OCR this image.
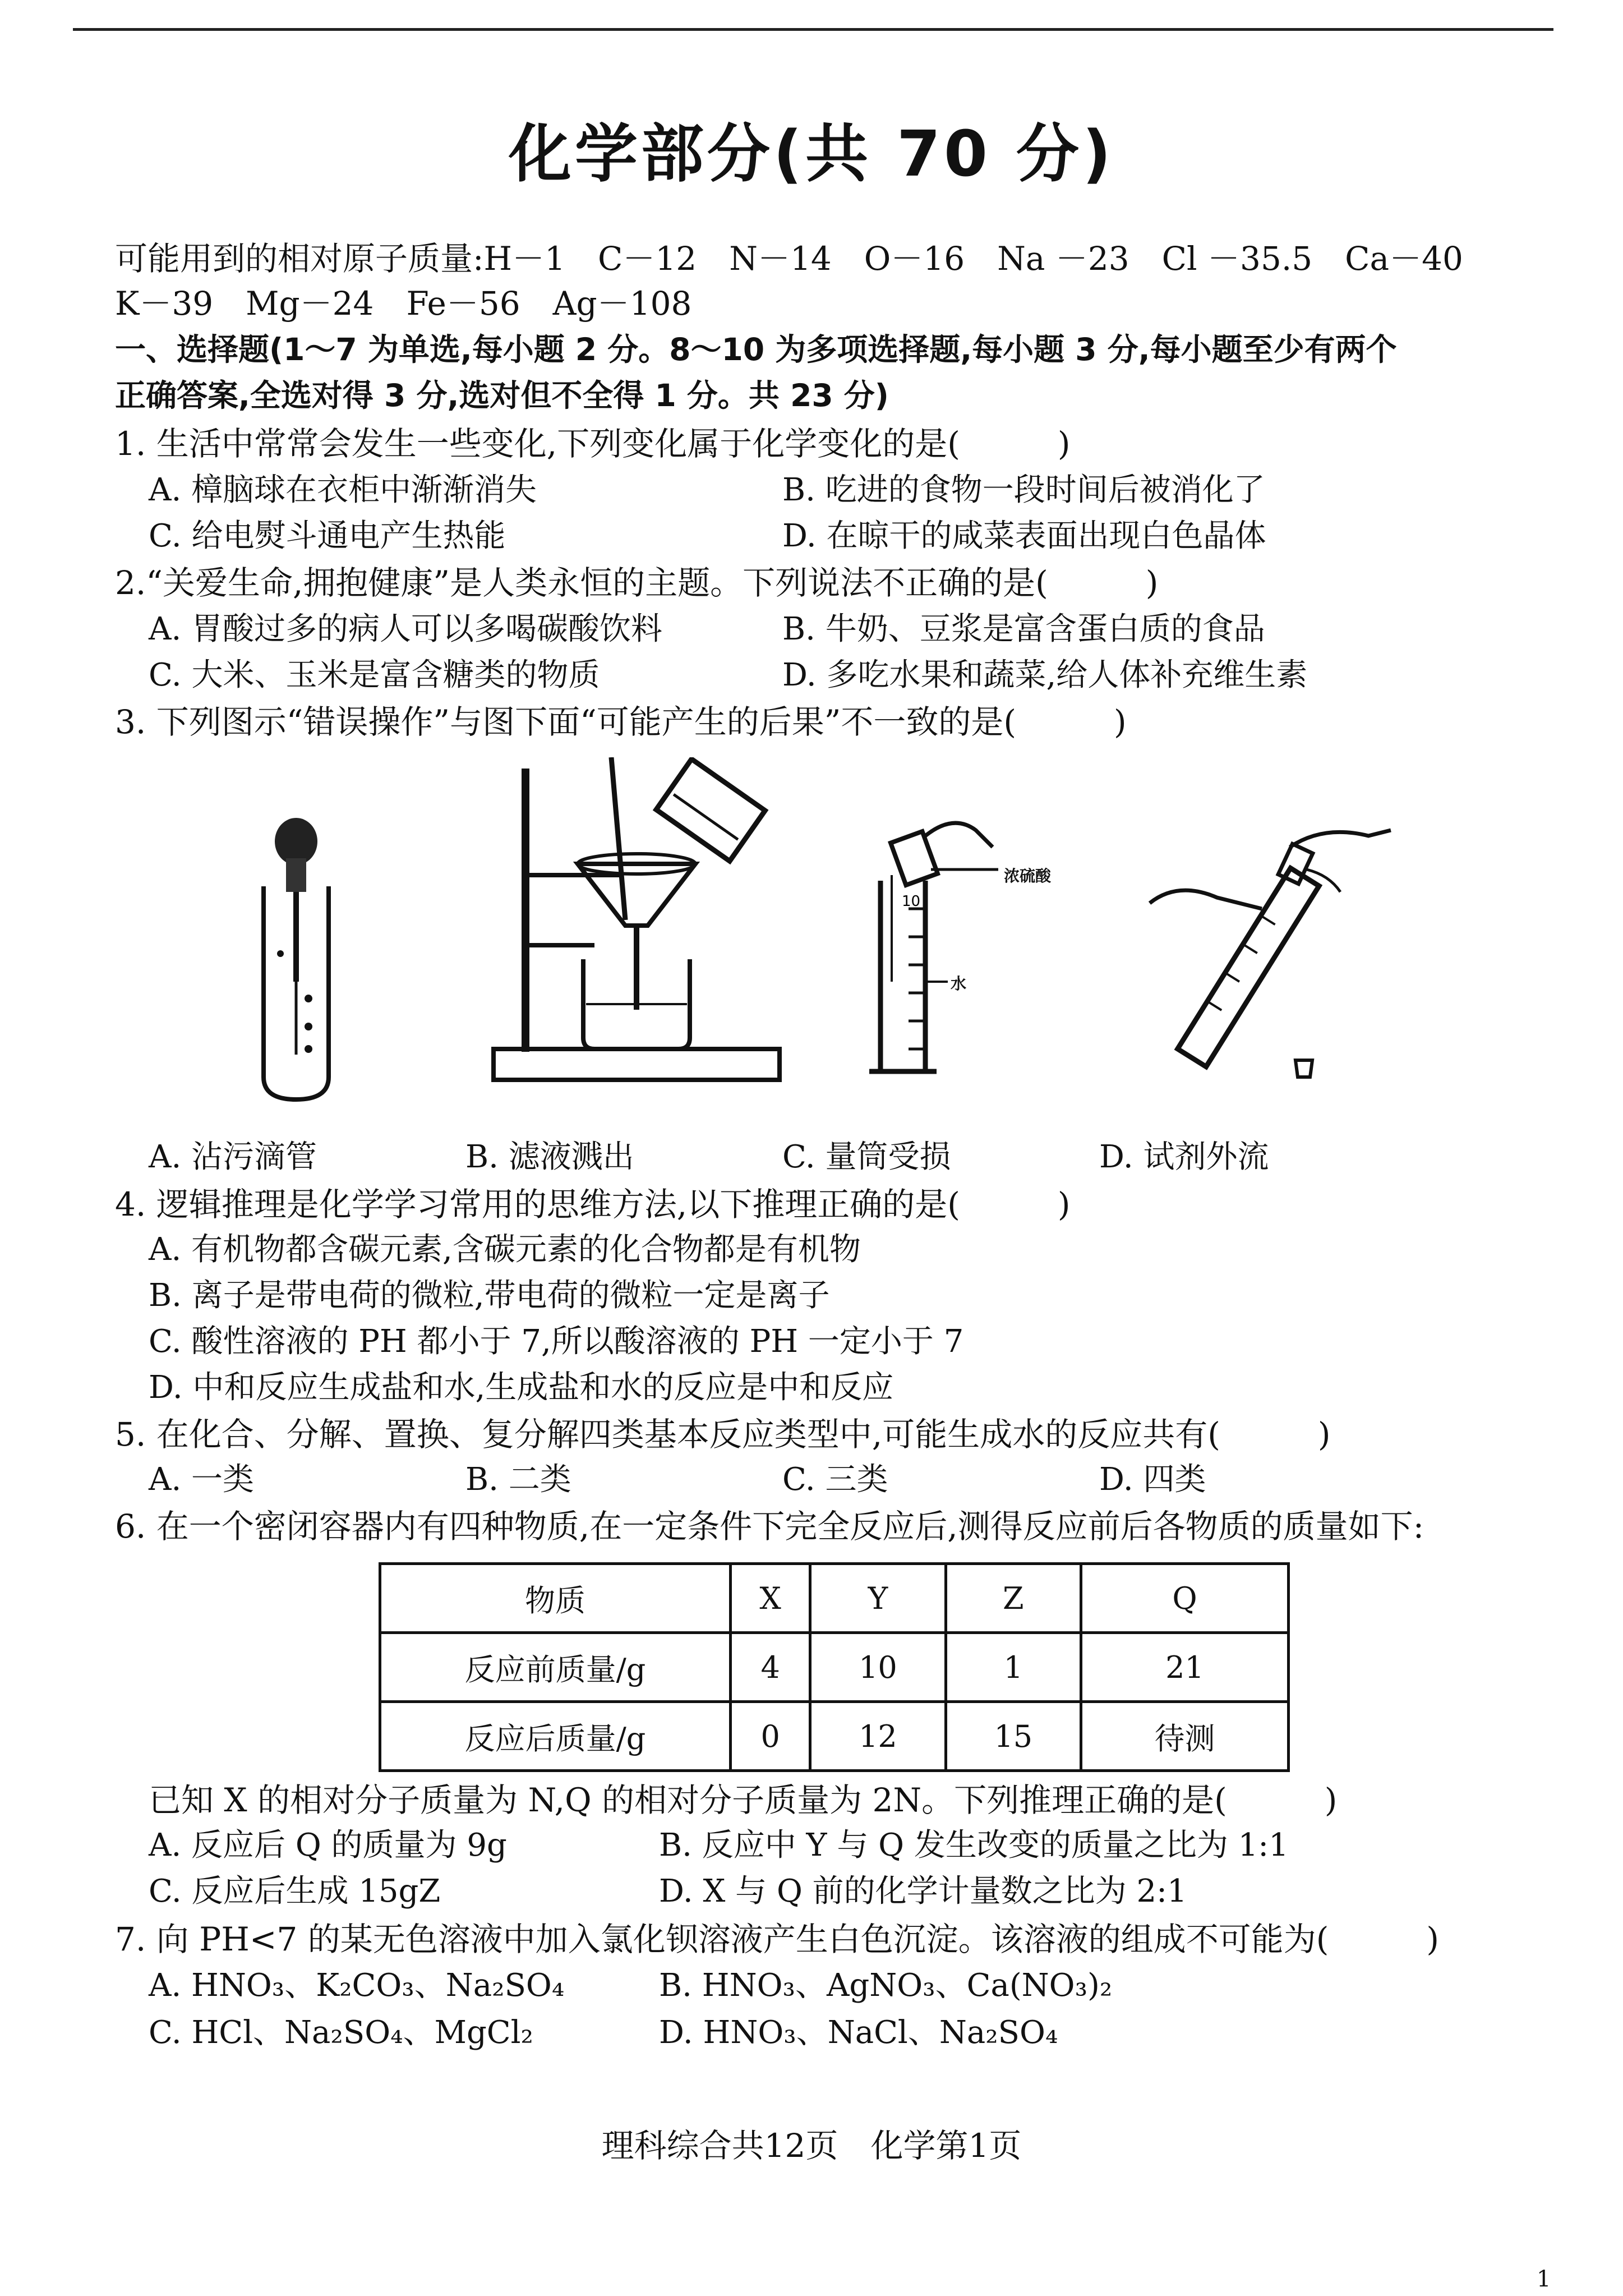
化学部分(共 70 分)
可能用到的相对原子质量:H－1　C－12　N－14　O－16　Na －23　Cl －35.5　Ca－40
K－39　Mg－24　Fe－56　Ag－108
一、选择题(1～7 为单选,每小题 2 分。8～10 为多项选择题,每小题 3 分,每小题至少有两个
正确答案,全选对得 3 分,选对但不全得 1 分。共 23 分)
1. 生活中常常会发生一些变化,下列变化属于化学变化的是(　　　)
A. 樟脑球在衣柜中渐渐消失	B. 吃进的食物一段时间后被消化了
C. 给电熨斗通电产生热能	D. 在晾干的咸菜表面出现白色晶体
2.“关爱生命,拥抱健康”是人类永恒的主题。下列说法不正确的是(　　　)
A. 胃酸过多的病人可以多喝碳酸饮料	B. 牛奶、豆浆是富含蛋白质的食品
C. 大米、玉米是富含糖类的物质	D. 多吃水果和蔬菜,给人体补充维生素
3. 下列图示“错误操作”与图下面“可能产生的后果”不一致的是(　　　)
10
浓硫酸
水
A. 沾污滴管	B. 滤液溅出	C. 量筒受损	D. 试剂外流
4. 逻辑推理是化学学习常用的思维方法,以下推理正确的是(　　　)
A. 有机物都含碳元素,含碳元素的化合物都是有机物
B. 离子是带电荷的微粒,带电荷的微粒一定是离子
C. 酸性溶液的 PH 都小于 7,所以酸溶液的 PH 一定小于 7
D. 中和反应生成盐和水,生成盐和水的反应是中和反应
5. 在化合、分解、置换、复分解四类基本反应类型中,可能生成水的反应共有(　　　)
A. 一类	B. 二类	C. 三类	D. 四类
6. 在一个密闭容器内有四种物质,在一定条件下完全反应后,测得反应前后各物质的质量如下:
物质	X	Y	Z	Q
反应前质量/g	4	10	1	21
反应后质量/g	0	12	15	待测
已知 X 的相对分子质量为 N,Q 的相对分子质量为 2N。下列推理正确的是(　　　)
A. 反应后 Q 的质量为 9g	B. 反应中 Y 与 Q 发生改变的质量之比为 1:1
C. 反应后生成 15gZ	D. X 与 Q 前的化学计量数之比为 2:1
7. 向 PH<7 的某无色溶液中加入氯化钡溶液产生白色沉淀。该溶液的组成不可能为(　　　)
A. HNO₃、K₂CO₃、Na₂SO₄	B. HNO₃、AgNO₃、Ca(NO₃)₂
C. HCl、Na₂SO₄、MgCl₂	D. HNO₃、NaCl、Na₂SO₄
理科综合共12页　化学第1页
1
